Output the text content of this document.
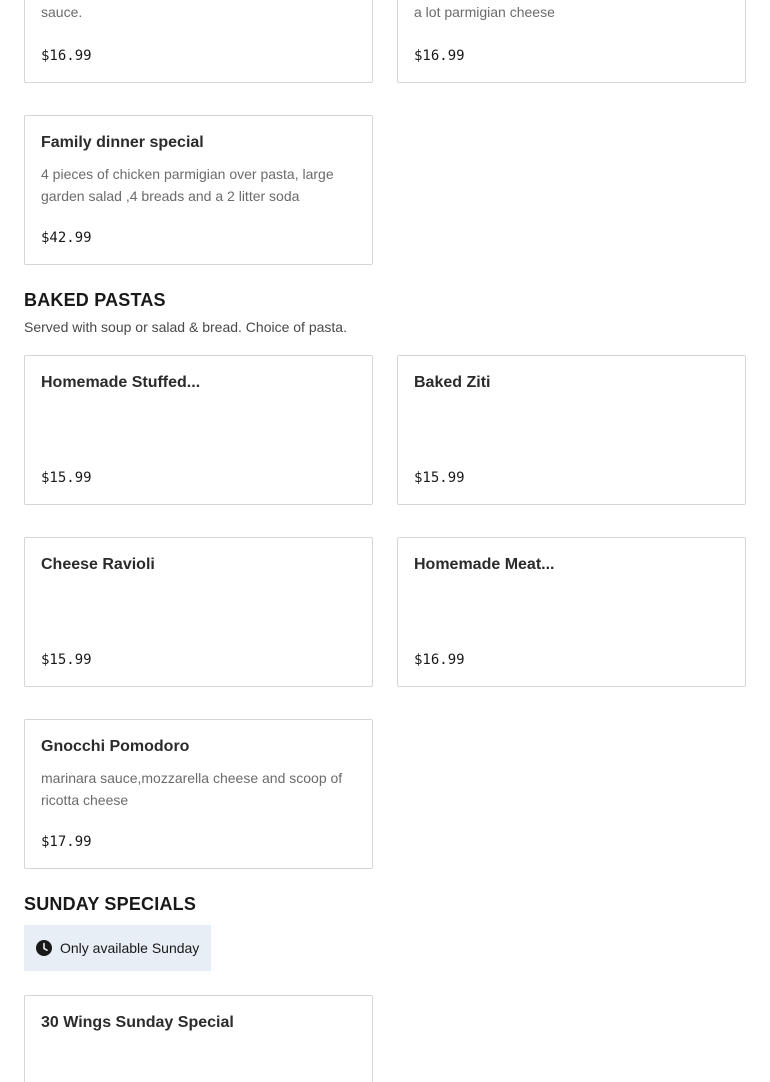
sauce.
$16.99
a lot parmigian cheese
$16.99
Family dinner special
4 pieces of chicken parmigian over pasta, large garden salad ,4 breads and a 2 litter soda
$42.99
BAKED PASTAS
Served with soup or salad & bread. Choice of pasta.
Homemade Stuffed...
$15.99
Baked Ziti
$15.99
Cheese Ravioli
$15.99
Homemade Meat...
$16.99
Gnocchi Pomodoro
marinara sauce,mozzarella cheese and scoop of ricotta cheese
$17.99
SUNDAY SPECIALS
Only available Sunday
30 Wings Sunday Special
